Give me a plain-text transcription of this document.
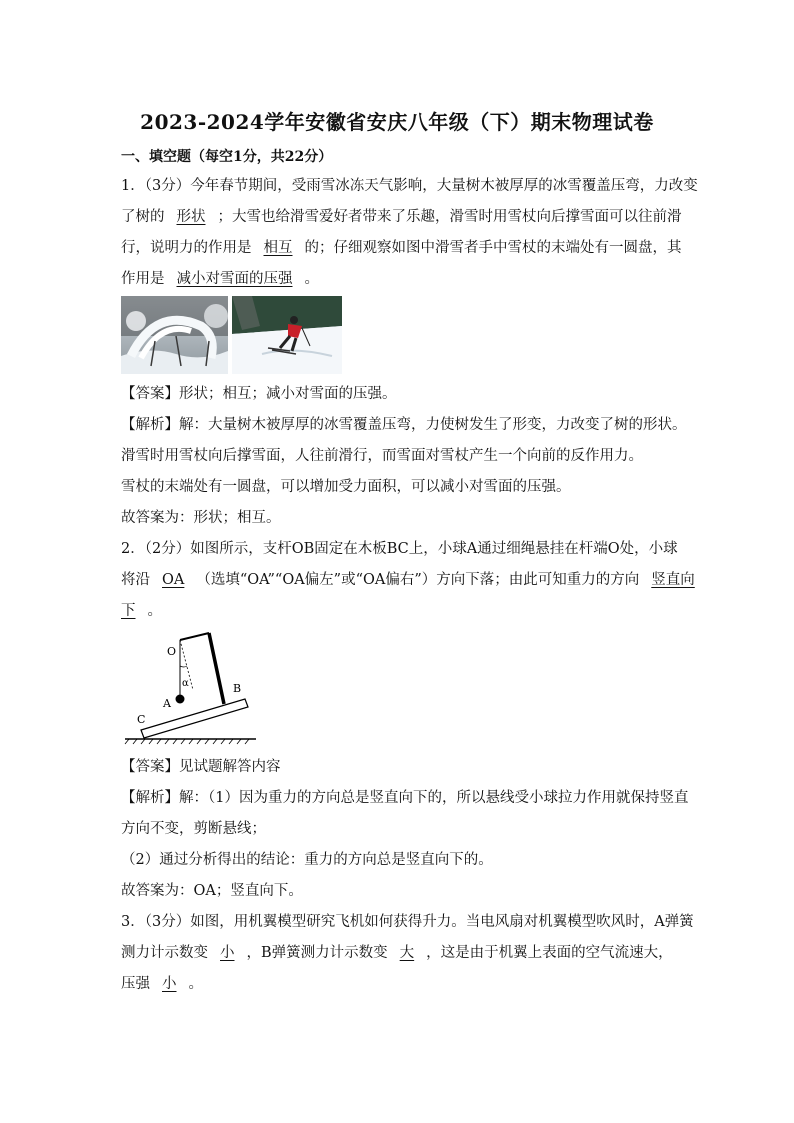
2023-2024学年安徽省安庆八年级（下）期末物理试卷
一、填空题（每空1分，共22分）
1．（3分）今年春节期间，受雨雪冰冻天气影响，大量树木被厚厚的冰雪覆盖压弯，力改变
了树的 形状 ；大雪也给滑雪爱好者带来了乐趣，滑雪时用雪杖向后撑雪面可以往前滑
行，说明力的作用是 相互 的；仔细观察如图中滑雪者手中雪杖的末端处有一圆盘，其
作用是 减小对雪面的压强 。
【答案】形状；相互；减小对雪面的压强。
【解析】解：大量树木被厚厚的冰雪覆盖压弯，力使树发生了形变，力改变了树的形状。
滑雪时用雪杖向后撑雪面，人往前滑行，而雪面对雪杖产生一个向前的反作用力。
雪杖的末端处有一圆盘，可以增加受力面积，可以减小对雪面的压强。
故答案为：形状；相互。
2．（2分）如图所示，支杆OB固定在木板BC上，小球A通过细绳悬挂在杆端O处，小球
将沿 OA （选填“OA”“OA偏左”或“OA偏右”）方向下落；由此可知重力的方向 竖直向
下 。
O
α
A
B
C
【答案】见试题解答内容
【解析】解：（1）因为重力的方向总是竖直向下的，所以悬线受小球拉力作用就保持竖直
方向不变，剪断悬线；
（2）通过分析得出的结论：重力的方向总是竖直向下的。
故答案为：OA；竖直向下。
3．（3分）如图，用机翼模型研究飞机如何获得升力。当电风扇对机翼模型吹风时，A弹簧
测力计示数变 小 ，B弹簧测力计示数变 大 ，这是由于机翼上表面的空气流速大，
压强 小 。
